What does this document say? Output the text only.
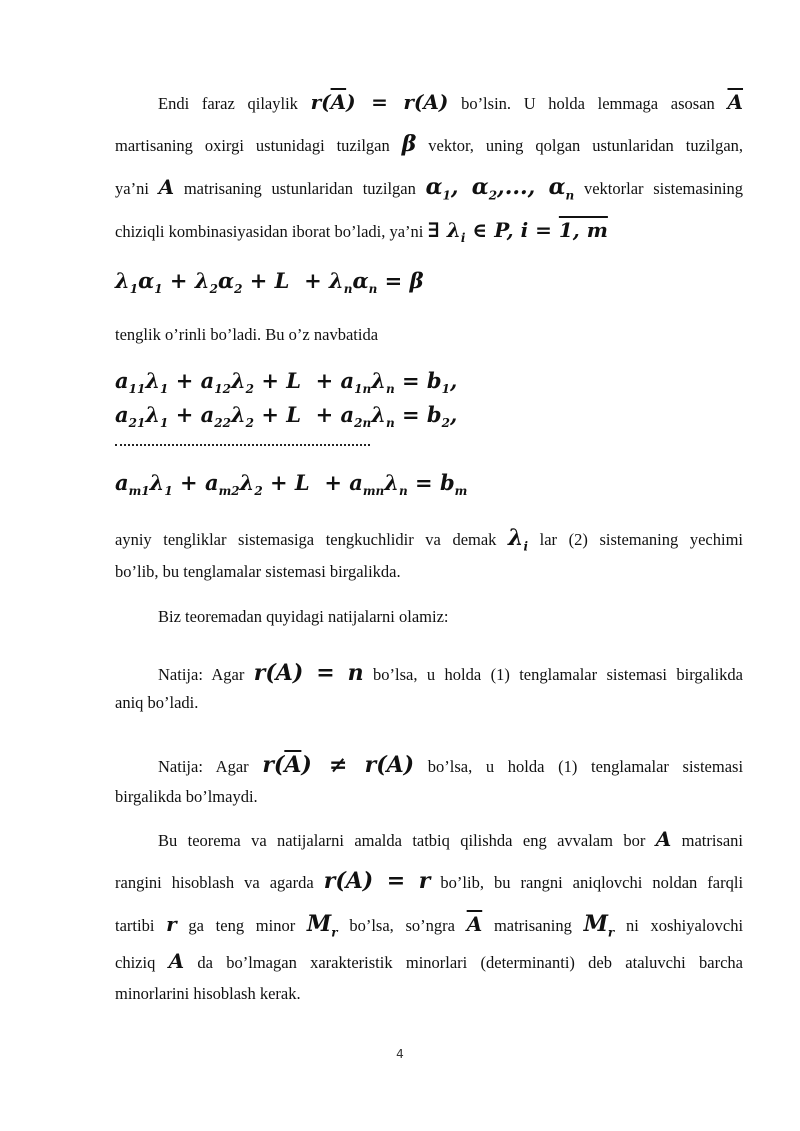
Endi faraz qilaylik $r(\overline{A}) = r(A)$ bo’lsin. U holda lemmaga asosan $\overline{A}$
martisaning oxirgi ustunidagi tuzilgan β vektor, uning qolgan ustunlaridan tuzilgan,
ya’ni A matrisaning ustunlaridan tuzilgan $\alpha_1$, $\alpha_2$,..., $\alpha_n$ vektorlar sistemasining
chiziqli kombinasiyasidan iborat bo’ladi, ya’ni ∃ $\lambda_i$ ∈ P, i = 1, m
$\lambda_1\alpha_1 + \lambda_2\alpha_2 + L + \lambda_n\alpha_n = \beta$
tenglik o’rinli bo’ladi. Bu o’z navbatida
$a_{11}\lambda_1 + a_{12}\lambda_2 + L + a_{1n}\lambda_n = b_1$,
$a_{21}\lambda_1 + a_{22}\lambda_2 + L + a_{2n}\lambda_n = b_2$,
$a_{m1}\lambda_1 + a_{m2}\lambda_2 + L + a_{mn}\lambda_n = b_m$
ayniy tengliklar sistemasiga tengkuchlidir va demak $\lambda_i$ lar (2) sistemaning yechimi
bo’lib, bu tenglamalar sistemasi birgalikda.
Biz teoremadan quyidagi natijalarni olamiz:
Natija: Agar r(A) = n bo’lsa, u holda (1) tenglamalar sistemasi birgalikda
aniq bo’ladi.
Natija: Agar $r(\overline{A}) \ne r(A)$ bo’lsa, u holda (1) tenglamalar sistemasi
birgalikda bo’lmaydi.
Bu teorema va natijalarni amalda tatbiq qilishda eng avvalam bor A matrisani
rangini hisoblash va agarda r(A) = r bo’lib, bu rangni aniqlovchi noldan farqli
tartibi r ga teng minor $M_r$ bo’lsa, so’ngra $\overline{A}$ matrisaning $M_r$ ni xoshiyalovchi
chiziq A da bo’lmagan xarakteristik minorlari (determinanti) deb ataluvchi barcha
minorlarini hisoblash kerak.
4
